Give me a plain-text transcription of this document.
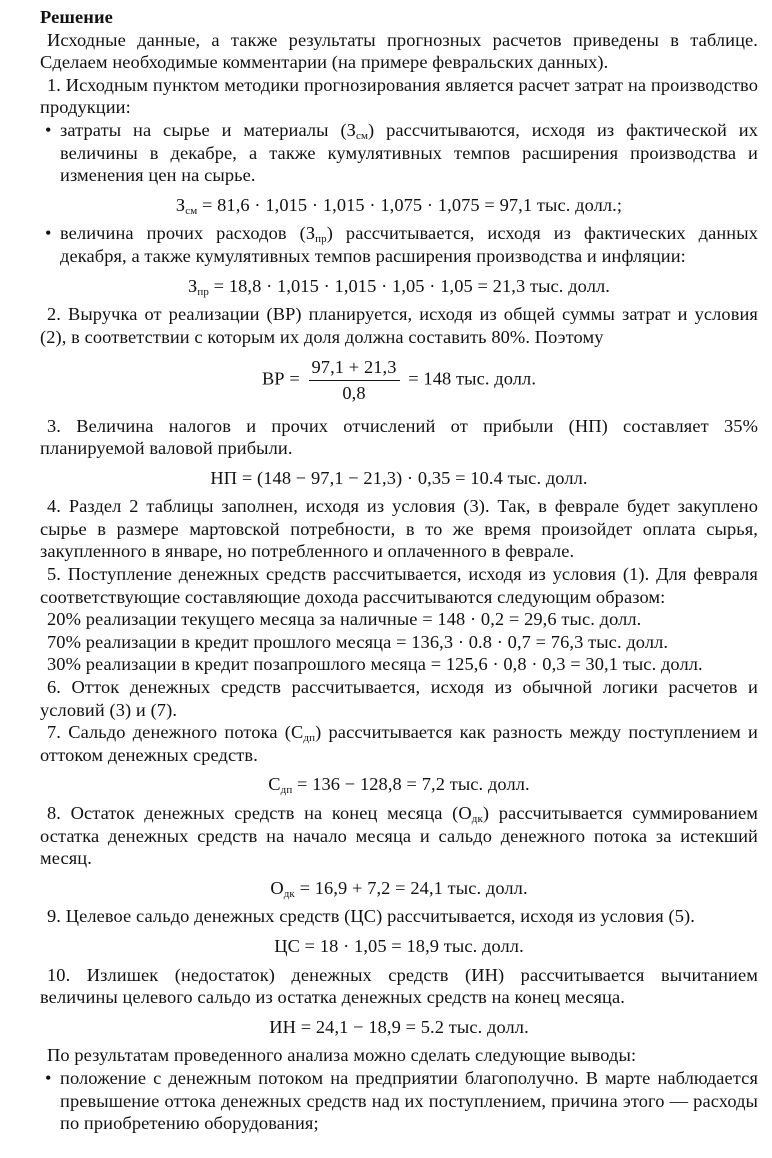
Решение

Исходные данные, а также результаты прогнозных расчетов приведены в таблице. Сделаем необходимые комментарии (на примере февральских данных).

1. Исходным пунктом методики прогнозирования является расчет затрат на производство продукции:

• затраты на сырье и материалы $(З_{см})$ рассчитываются, исходя из фактической их величины в декабре, а также кумулятивных темпов расширения производства и изменения цен на сырье.
$З_{см} = 81,6 \cdot 1,015 \cdot 1,015 \cdot 1,075 \cdot 1,075 = 97,1$ тыс. долл.;
• величина прочих расходов $(З_{пр})$ рассчитывается, исходя из фактических данных декабря, а также кумулятивных темпов расширения производства и инфляции:
$З_{пр} = 18,8 \cdot 1,015 \cdot 1,015 \cdot 1,05 \cdot 1,05 = 21,3$ тыс. долл.

2. Выручка от реализации (ВР) планируется, исходя из общей суммы затрат и условия (2), в соответствии с которым их доля должна составить 80%. Поэтому

ВР = $\frac{97,1 + 21,3}{0,8} = 148$ тыс. долл.

3. Величина налогов и прочих отчислений от прибыли (НП) составляет 35% планируемой валовой прибыли.

НП = (148 − 97,1 − 21,3) · 0,35 = 10.4 тыс. долл.

4. Раздел 2 таблицы заполнен, исходя из условия (3). Так, в феврале будет закуплено сырье в размере мартовской потребности, в то же время произойдет оплата сырья, закупленного в январе, но потребленного и оплаченного в феврале.

5. Поступление денежных средств рассчитывается, исходя из условия (1). Для февраля соответствующие составляющие дохода рассчитываются следующим образом:

20% реализации текущего месяца за наличные = 148 · 0,2 = 29,6 тыс. долл.
70% реализации в кредит прошлого месяца = 136,3 · 0.8 · 0,7 = 76,3 тыс. долл.
30% реализации в кредит позапрошлого месяца = 125,6 · 0,8 · 0,3 = 30,1 тыс. долл.

6. Отток денежных средств рассчитывается, исходя из обычной логики расчетов и условий (3) и (7).

7. Сальдо денежного потока $(С_{дп})$ рассчитывается как разность между поступлением и оттоком денежных средств.

$С_{дп} = 136 - 128,8 = 7,2$ тыс. долл.

8. Остаток денежных средств на конец месяца $(О_{дк})$ рассчитывается суммированием остатка денежных средств на начало месяца и сальдо денежного потока за истекший месяц.

$О_{дк} = 16,9 + 7,2 = 24,1$ тыс. долл.

9. Целевое сальдо денежных средств (ЦС) рассчитывается, исходя из условия (5).

ЦС = 18 · 1,05 = 18,9 тыс. долл.

10. Излишек (недостаток) денежных средств (ИН) рассчитывается вычитанием величины целевого сальдо из остатка денежных средств на конец месяца.

ИН = 24,1 − 18,9 = 5.2 тыс. долл.

По результатам проведенного анализа можно сделать следующие выводы:

• положение с денежным потоком на предприятии благополучно. В марте наблюдается превышение оттока денежных средств над их поступлением, причина этого — расходы по приобретению оборудования;
